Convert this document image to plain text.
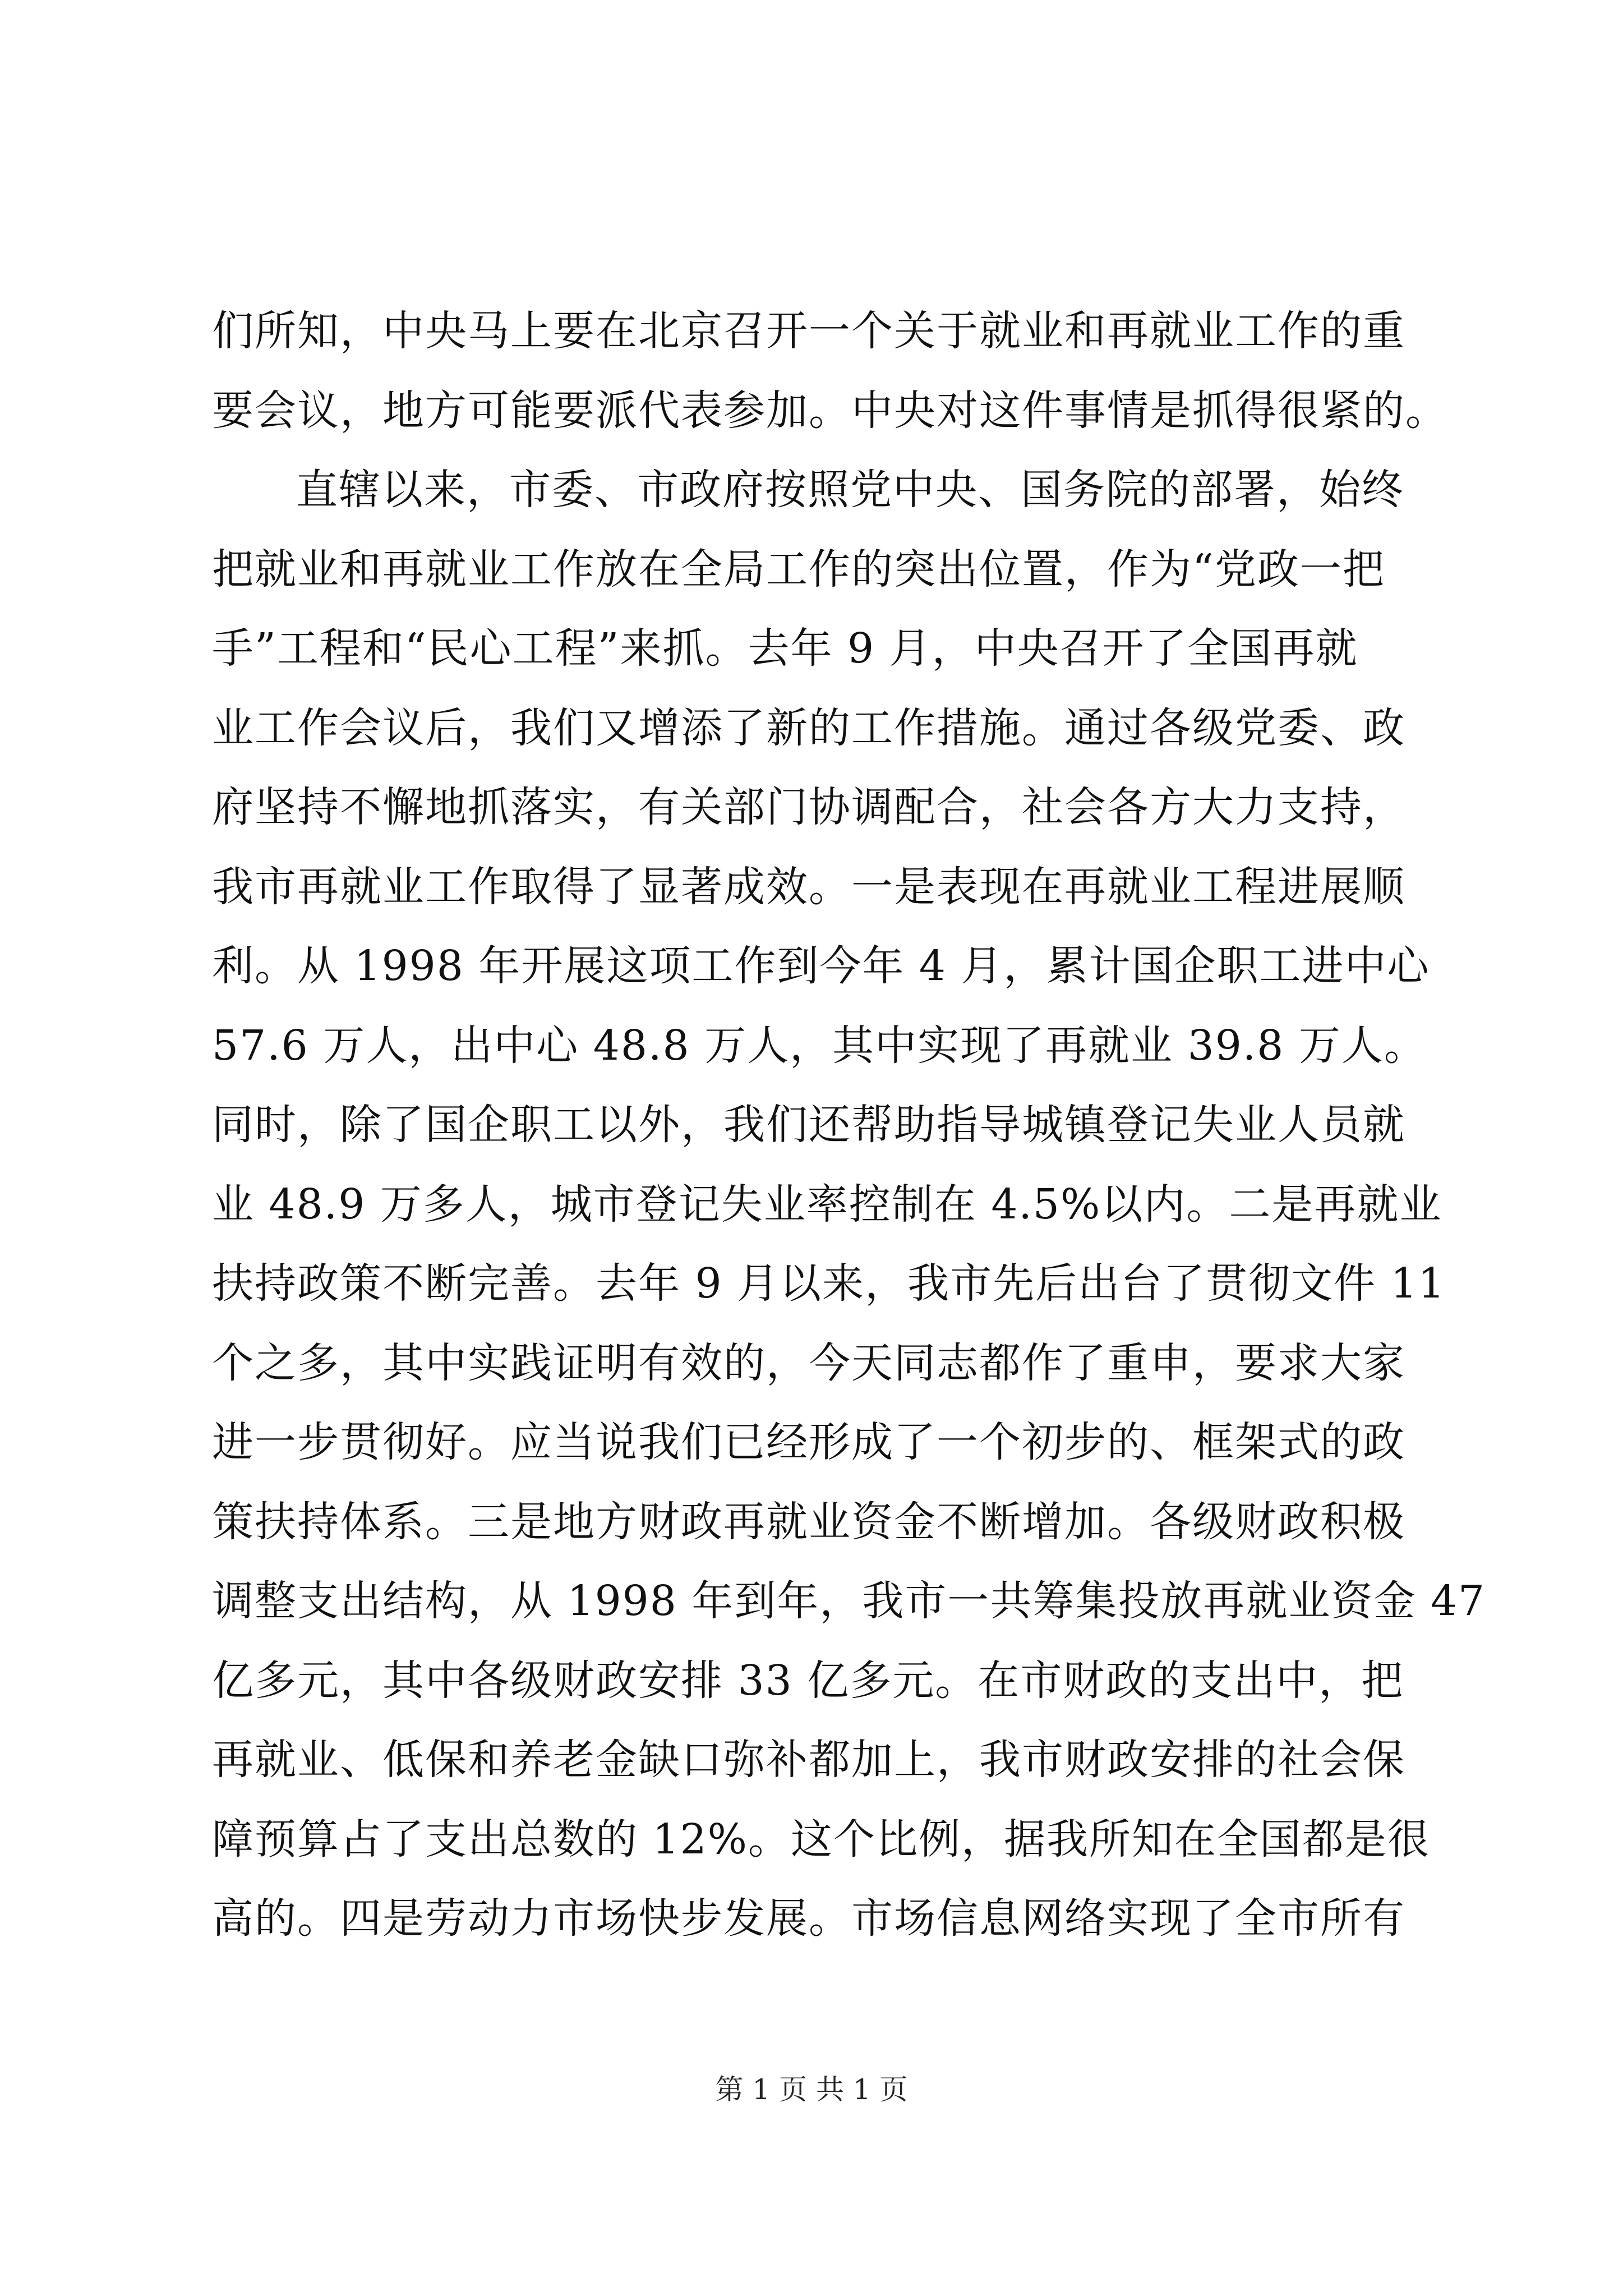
们所知，中央马上要在北京召开一个关于就业和再就业工作的重
要会议，地方可能要派代表参加。中央对这件事情是抓得很紧的。
直辖以来，市委、市政府按照党中央、国务院的部署，始终
把就业和再就业工作放在全局工作的突出位置，作为“党政一把
手”工程和“民心工程”来抓。去年 9 月，中央召开了全国再就
业工作会议后，我们又增添了新的工作措施。通过各级党委、政
府坚持不懈地抓落实，有关部门协调配合，社会各方大力支持，
我市再就业工作取得了显著成效。一是表现在再就业工程进展顺
利。从 1998 年开展这项工作到今年 4 月，累计国企职工进中心
57.6 万人，出中心 48.8 万人，其中实现了再就业 39.8 万人。
同时，除了国企职工以外，我们还帮助指导城镇登记失业人员就
业 48.9 万多人，城市登记失业率控制在 4.5%以内。二是再就业
扶持政策不断完善。去年 9 月以来，我市先后出台了贯彻文件 11
个之多，其中实践证明有效的，今天同志都作了重申，要求大家
进一步贯彻好。应当说我们已经形成了一个初步的、框架式的政
策扶持体系。三是地方财政再就业资金不断增加。各级财政积极
调整支出结构，从 1998 年到年，我市一共筹集投放再就业资金 47
亿多元，其中各级财政安排 33 亿多元。在市财政的支出中，把
再就业、低保和养老金缺口弥补都加上，我市财政安排的社会保
障预算占了支出总数的 12%。这个比例，据我所知在全国都是很
高的。四是劳动力市场快步发展。市场信息网络实现了全市所有
第 1 页 共 1 页
